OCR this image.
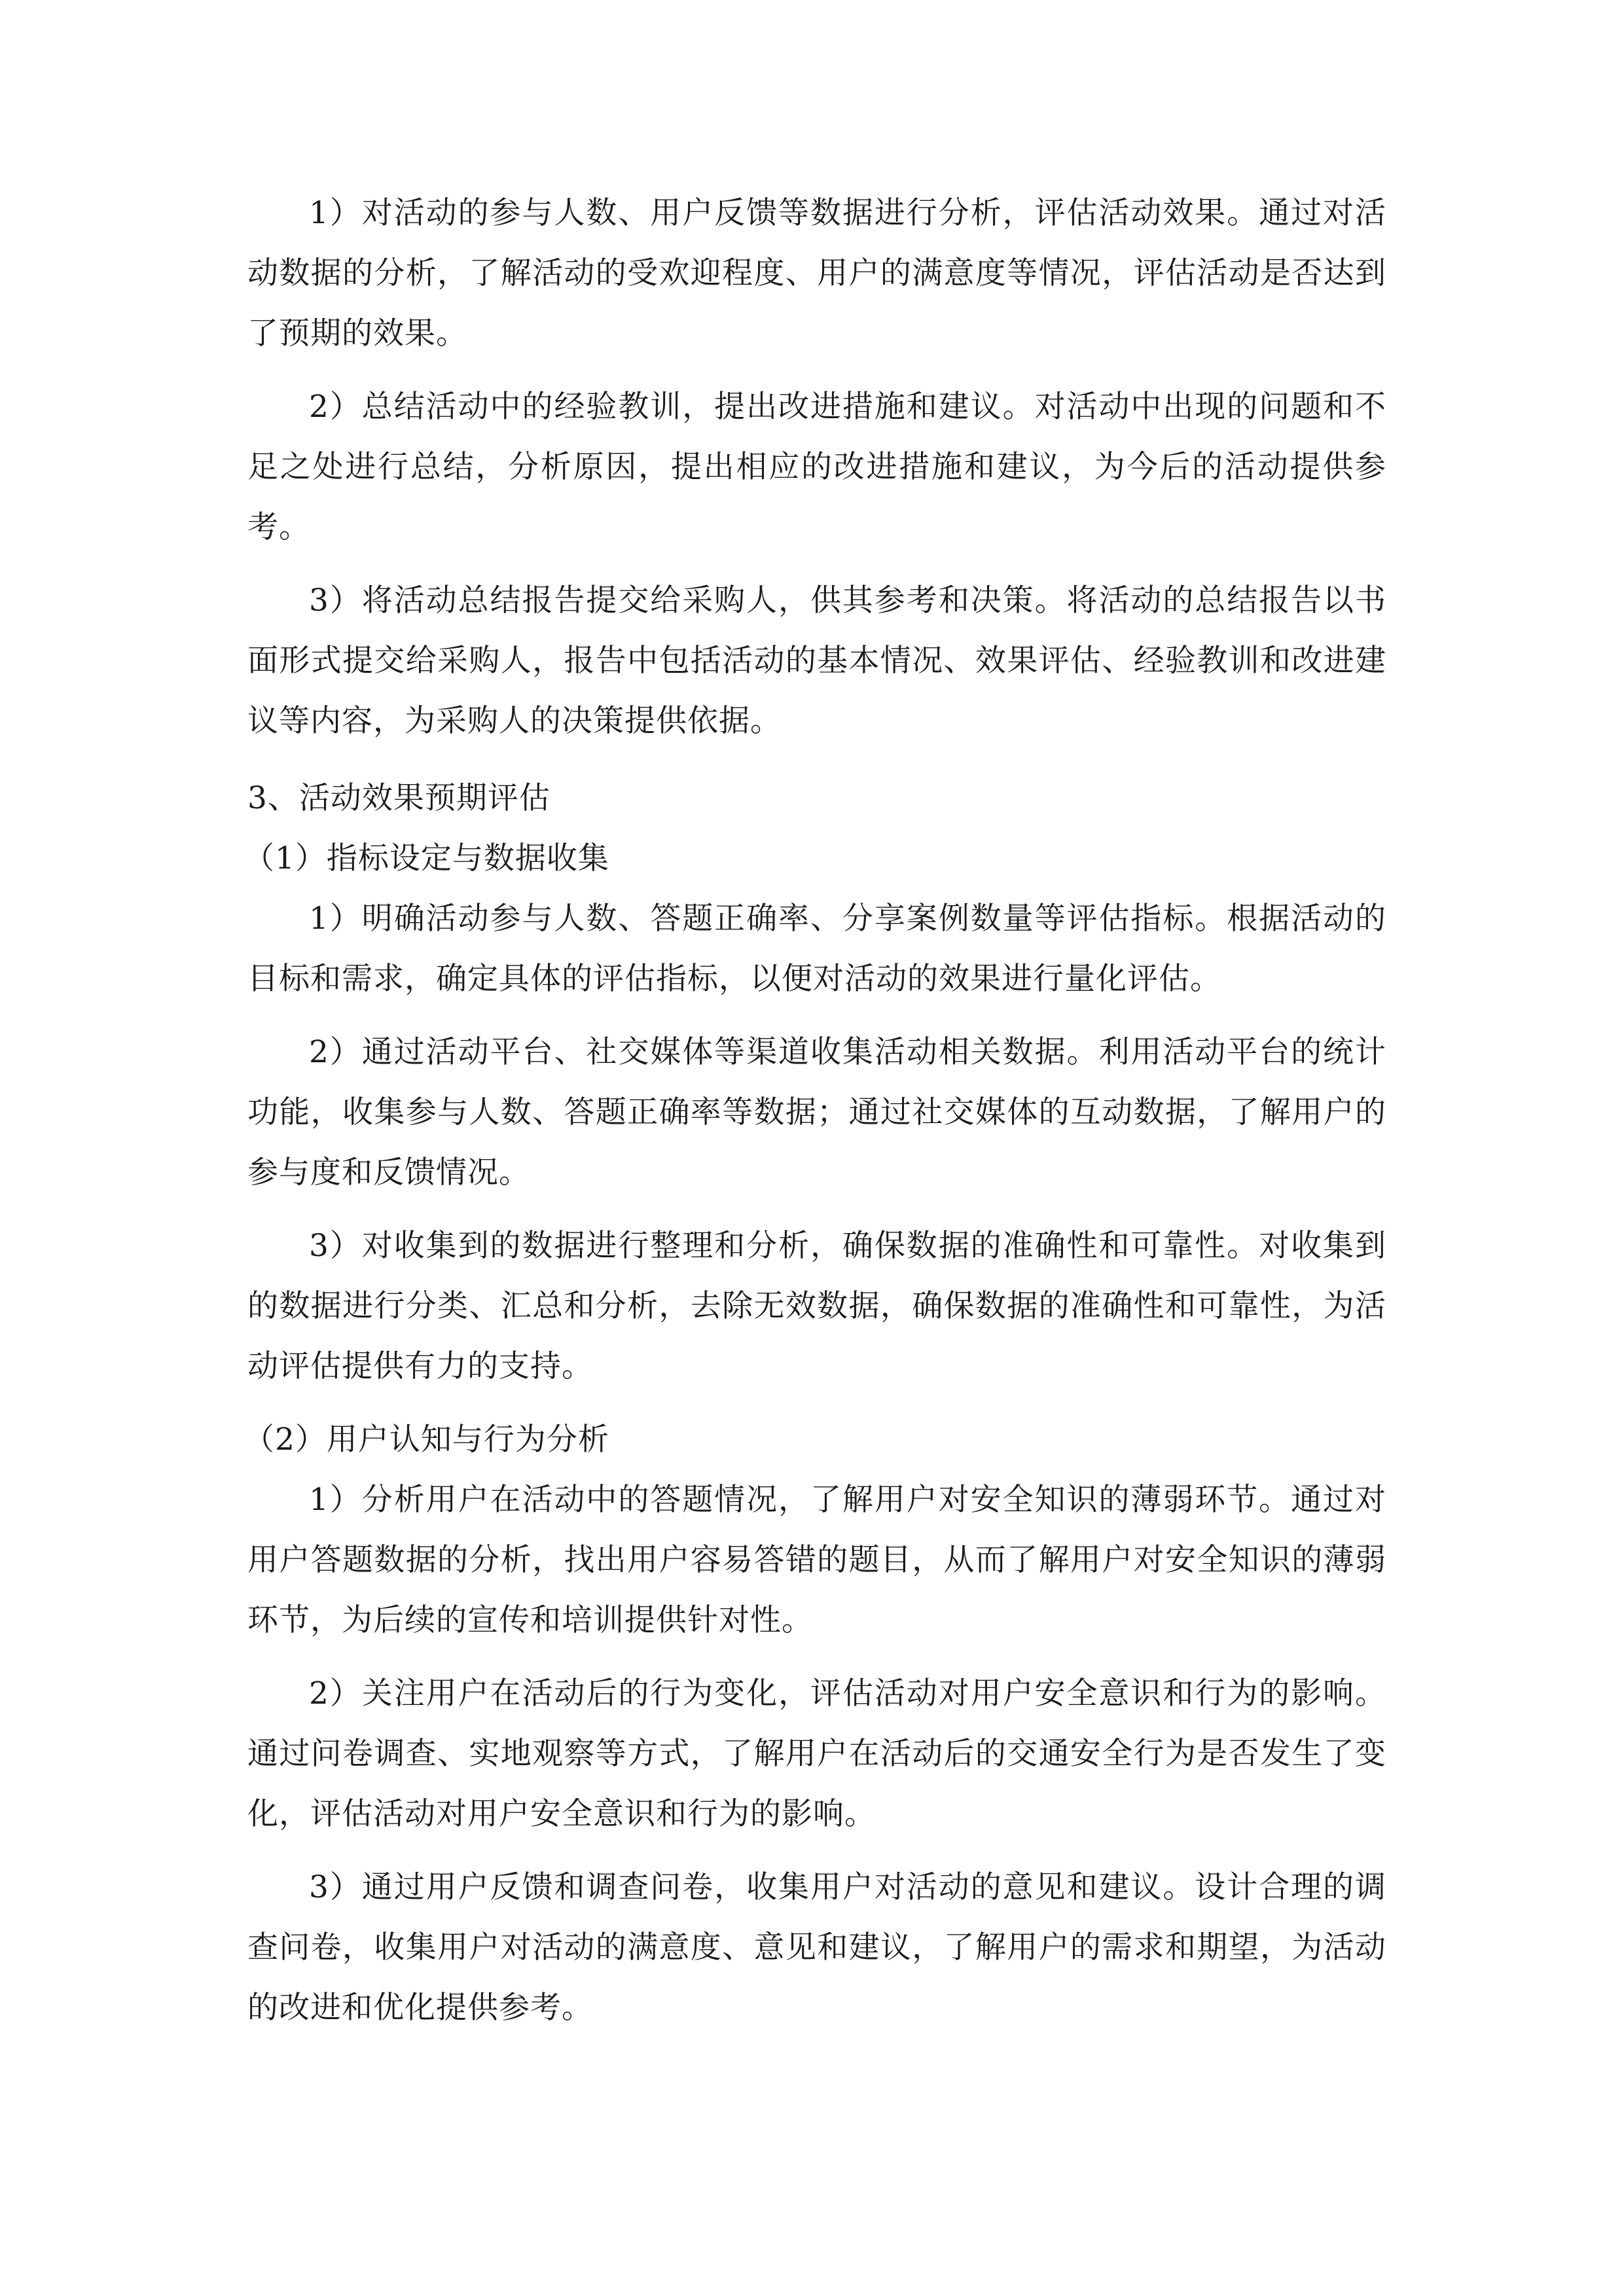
1）对活动的参与人数、用户反馈等数据进行分析，评估活动效果。通过对活动数据的分析，了解活动的受欢迎程度、用户的满意度等情况，评估活动是否达到了预期的效果。

2）总结活动中的经验教训，提出改进措施和建议。对活动中出现的问题和不足之处进行总结，分析原因，提出相应的改进措施和建议，为今后的活动提供参考。

3）将活动总结报告提交给采购人，供其参考和决策。将活动的总结报告以书面形式提交给采购人，报告中包括活动的基本情况、效果评估、经验教训和改进建议等内容，为采购人的决策提供依据。

3、活动效果预期评估

（1）指标设定与数据收集

1）明确活动参与人数、答题正确率、分享案例数量等评估指标。根据活动的目标和需求，确定具体的评估指标，以便对活动的效果进行量化评估。

2）通过活动平台、社交媒体等渠道收集活动相关数据。利用活动平台的统计功能，收集参与人数、答题正确率等数据；通过社交媒体的互动数据，了解用户的参与度和反馈情况。

3）对收集到的数据进行整理和分析，确保数据的准确性和可靠性。对收集到的数据进行分类、汇总和分析，去除无效数据，确保数据的准确性和可靠性，为活动评估提供有力的支持。

（2）用户认知与行为分析

1）分析用户在活动中的答题情况，了解用户对安全知识的薄弱环节。通过对用户答题数据的分析，找出用户容易答错的题目，从而了解用户对安全知识的薄弱环节，为后续的宣传和培训提供针对性。

2）关注用户在活动后的行为变化，评估活动对用户安全意识和行为的影响。通过问卷调查、实地观察等方式，了解用户在活动后的交通安全行为是否发生了变化，评估活动对用户安全意识和行为的影响。

3）通过用户反馈和调查问卷，收集用户对活动的意见和建议。设计合理的调查问卷，收集用户对活动的满意度、意见和建议，了解用户的需求和期望，为活动的改进和优化提供参考。
